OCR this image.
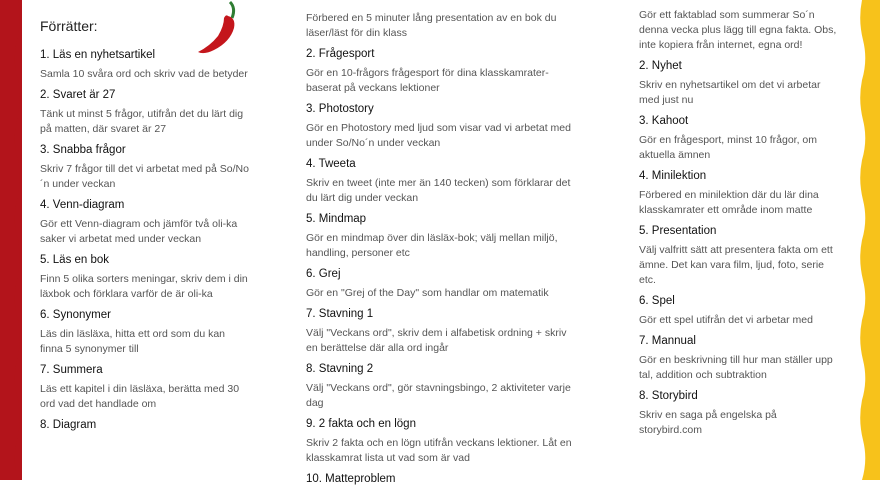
Förrätter:
1. Läs en nyhetsartikel
Samla 10 svåra ord och skriv vad de betyder
2. Svaret är 27
Tänk ut minst 5 frågor, utifrån det du lärt dig på matten, där svaret är 27
3. Snabba frågor
Skriv 7 frågor till det vi arbetat med på So/No´n under veckan
4. Venn-diagram
Gör ett Venn-diagram och jämför två oli-ka saker vi arbetat med under veckan
5. Läs en bok
Finn 5 olika sorters meningar, skriv dem i din läxbok och förklara varför de är oli-ka
6. Synonymer
Läs din läsläxa, hitta ett ord som du kan finna 5 synonymer till
7. Summera
Läs ett kapitel i din läsläxa, berätta med 30 ord vad det handlade om
8. Diagram
Förbered en 5 minuter lång presentation av en bok du läser/läst för din klass
2. Frågesport
Gör en 10-frågors frågesport för dina klasskamrater-baserat på veckans lektioner
3. Photostory
Gör en Photostory med ljud som visar vad vi arbetat med under So/No´n under veckan
4. Tweeta
Skriv en tweet (inte mer än 140 tecken) som förklarar det du lärt dig under veckan
5. Mindmap
Gör en mindmap över din läsläx-bok; välj mellan miljö, handling, personer etc
6. Grej
Gör en "Grej of the Day" som handlar om matematik
7. Stavning 1
Välj "Veckans ord", skriv dem i alfabetisk ordning + skriv en berättelse där alla ord ingår
8. Stavning 2
Välj "Veckans ord", gör stavningsbingo, 2 aktiviteter varje dag
9. 2 fakta och en lögn
Skriv 2 fakta och en lögn utifrån veckans lektioner. Låt en klasskamrat lista ut vad som är vad
10. Matteproblem
Gör ett faktablad som summerar So´n denna vecka plus lägg till egna fakta. Obs, inte kopiera från internet, egna ord!
2. Nyhet
Skriv en nyhetsartikel om det vi arbetar med just nu
3. Kahoot
Gör en frågesport, minst 10 frågor, om aktuella ämnen
4. Minilektion
Förbered en minilektion där du lär dina klasskamrater ett område inom matte
5. Presentation
Välj valfritt sätt att presentera fakta om ett ämne. Det kan vara film, ljud, foto, serie etc.
6. Spel
Gör ett spel utifrån det vi arbetar med
7. Mannual
Gör en beskrivning till hur man ställer upp tal, addition och subtraktion
8. Storybird
Skriv en saga på engelska på storybird.com
